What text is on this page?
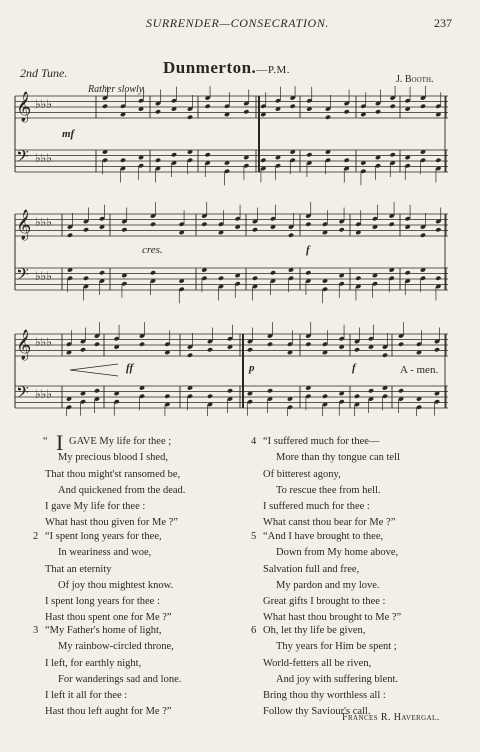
SURRENDER—CONSECRATION.	237
2nd Tune.	Dunmerton.—P.M.
J. Booth.
Rather slowly.
𝄞 ♭♭♭
𝄢 ♭♭♭
𝄞 ♭♭♭
𝄢 ♭♭♭
𝄞 ♭♭♭
𝄢 ♭♭♭
mf
cres.	f
ff	p	f	A - men.
“ I GAVE My life for thee ;
My precious blood I shed,
That thou might'st ransomed be,
And quickened from the dead.
I gave My life for thee :
What hast thou given for Me ?”
2 “I spent long years for thee,
In weariness and woe,
That an eternity
Of joy thou mightest know.
I spent long years for thee :
Hast thou spent one for Me ?”
3 “My Father's home of light,
My rainbow-circled throne,
I left, for earthly night,
For wanderings sad and lone.
I left it all for thee :
Hast thou left aught for Me ?”
4 “I suffered much for thee—
More than thy tongue can tell
Of bitterest agony,
To rescue thee from hell.
I suffered much for thee :
What canst thou bear for Me ?”
5 “And I have brought to thee,
Down from My home above,
Salvation full and free,
My pardon and my love.
Great gifts I brought to thee :
What hast thou brought to Me ?”
6 Oh, let thy life be given,
Thy years for Him be spent ;
World-fetters all be riven,
And joy with suffering blent.
Bring thou thy worthless all :
Follow thy Saviour's call.
Frances R. Havergal.
